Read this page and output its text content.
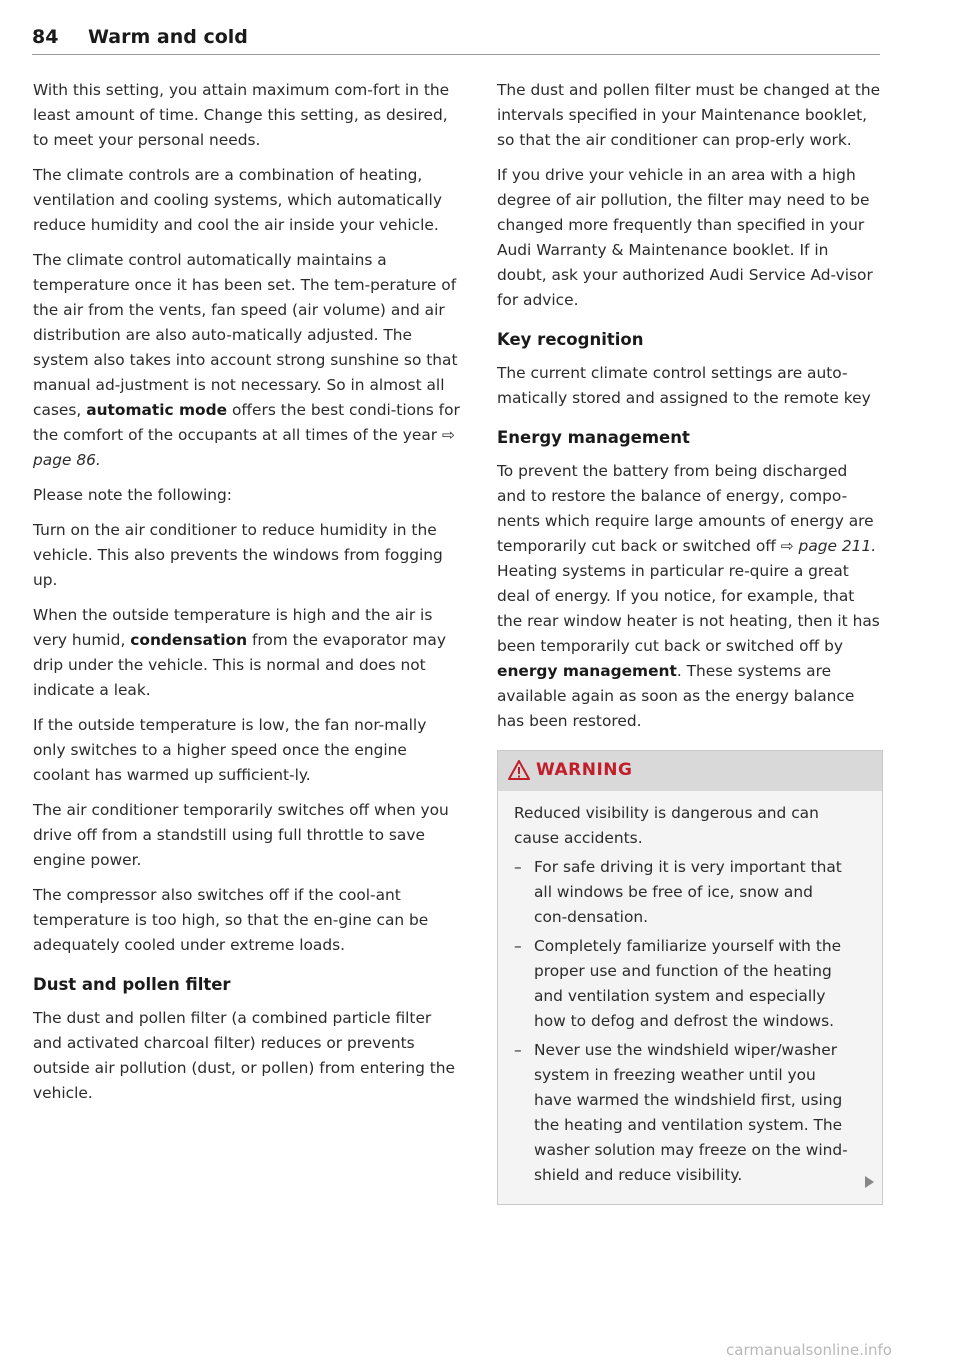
84 Warm and cold

With this setting, you attain maximum com-fort in the least amount of time. Change this setting, as desired, to meet your personal needs.

The climate controls are a combination of heating, ventilation and cooling systems, which automatically reduce humidity and cool the air inside your vehicle.

The climate control automatically maintains a temperature once it has been set. The tem-perature of the air from the vents, fan speed (air volume) and air distribution are also auto-matically adjusted. The system also takes into account strong sunshine so that manual ad-justment is not necessary. So in almost all cases, automatic mode offers the best condi-tions for the comfort of the occupants at all times of the year ⇨ page 86.

Please note the following:

Turn on the air conditioner to reduce humidity in the vehicle. This also prevents the windows from fogging up.

When the outside temperature is high and the air is very humid, condensation from the evaporator may drip under the vehicle. This is normal and does not indicate a leak.

If the outside temperature is low, the fan nor-mally only switches to a higher speed once the engine coolant has warmed up sufficient-ly.

The air conditioner temporarily switches off when you drive off from a standstill using full throttle to save engine power.

The compressor also switches off if the cool-ant temperature is too high, so that the en-gine can be adequately cooled under extreme loads.

Dust and pollen filter

The dust and pollen filter (a combined particle filter and activated charcoal filter) reduces or prevents outside air pollution (dust, or pollen) from entering the vehicle.

The dust and pollen filter must be changed at the intervals specified in your Maintenance booklet, so that the air conditioner can prop-erly work.

If you drive your vehicle in an area with a high degree of air pollution, the filter may need to be changed more frequently than specified in your Audi Warranty & Maintenance booklet. If in doubt, ask your authorized Audi Service Ad-visor for advice.

Key recognition

The current climate control settings are auto-matically stored and assigned to the remote key

Energy management

To prevent the battery from being discharged and to restore the balance of energy, compo-nents which require large amounts of energy are temporarily cut back or switched off ⇨ page 211. Heating systems in particular re-quire a great deal of energy. If you notice, for example, that the rear window heater is not heating, then it has been temporarily cut back or switched off by energy management. These systems are available again as soon as the energy balance has been restored.

WARNING

Reduced visibility is dangerous and can cause accidents.

– For safe driving it is very important that all windows be free of ice, snow and con-densation.
– Completely familiarize yourself with the proper use and function of the heating and ventilation system and especially how to defog and defrost the windows.
– Never use the windshield wiper/washer system in freezing weather until you have warmed the windshield first, using the heating and ventilation system. The washer solution may freeze on the wind-shield and reduce visibility.
carmanualsonline.info
